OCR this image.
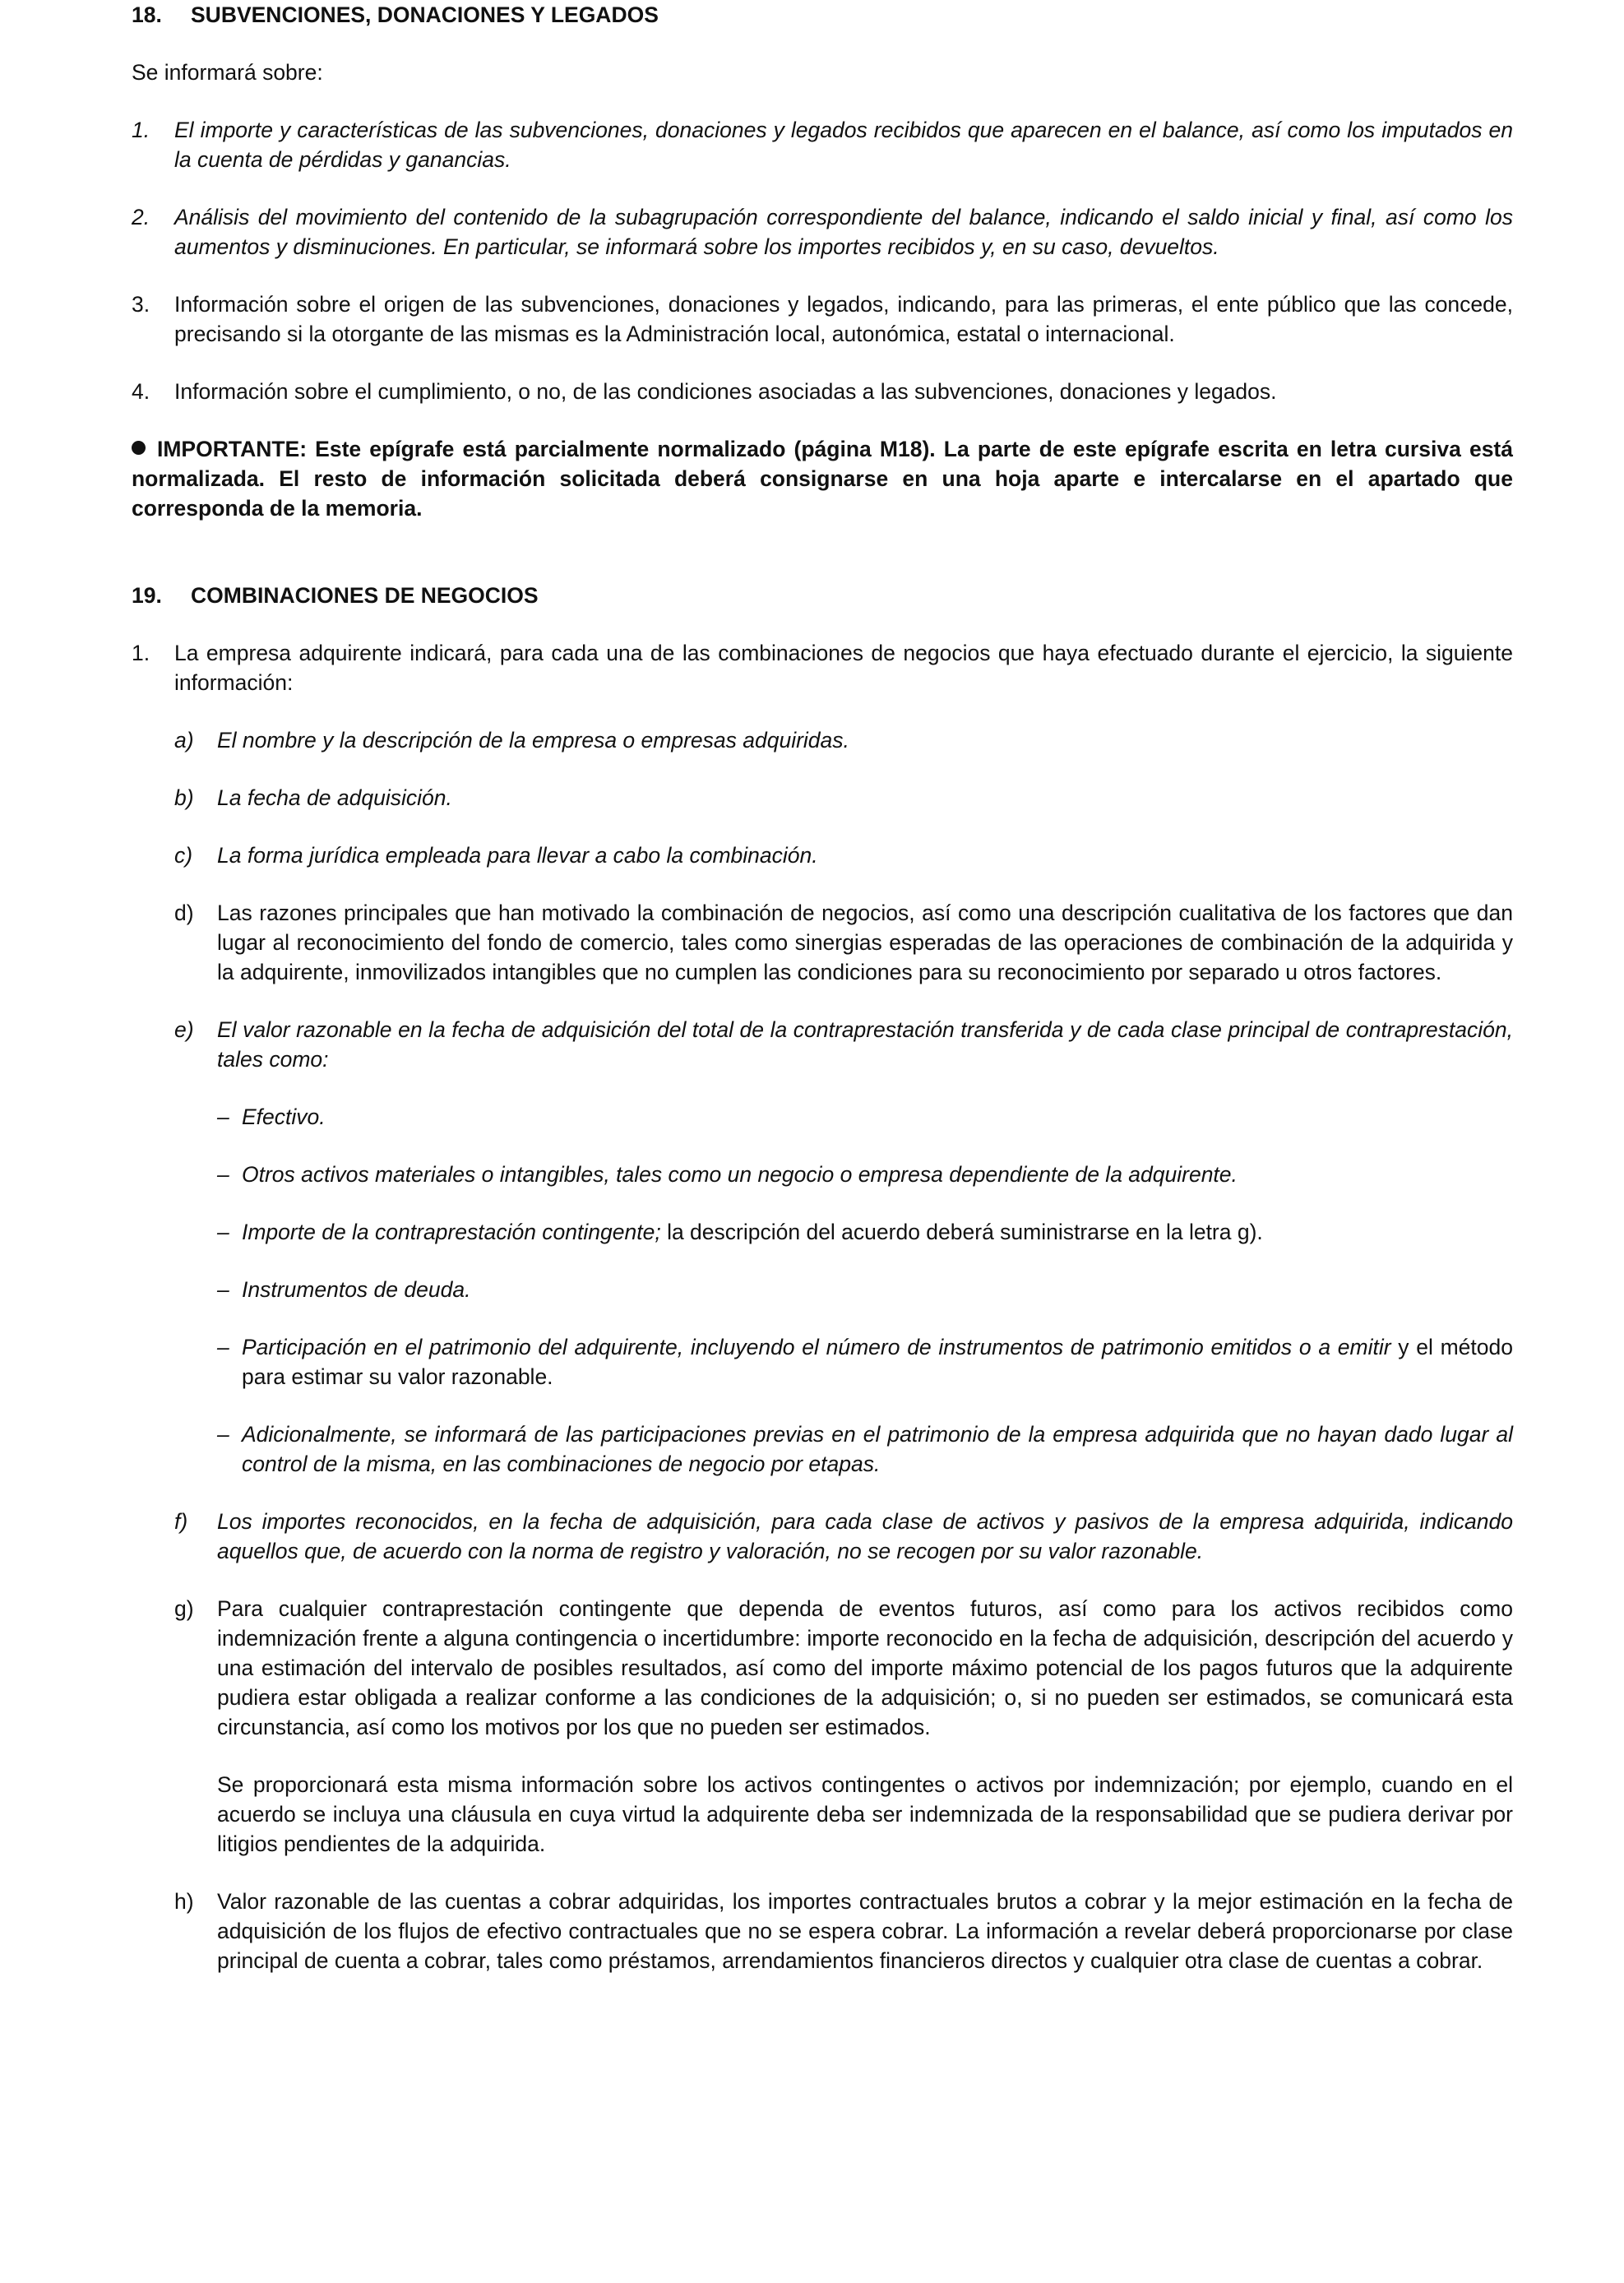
18. SUBVENCIONES, DONACIONES Y LEGADOS

Se informará sobre:

1.	El importe y características de las subvenciones, donaciones y legados recibidos que aparecen en el balance, así como los imputados en la cuenta de pérdidas y ganancias.
2.	Análisis del movimiento del contenido de la subagrupación correspondiente del balance, indicando el saldo inicial y final, así como los aumentos y disminuciones. En particular, se informará sobre los importes recibidos y, en su caso, devueltos.
3.	Información sobre el origen de las subvenciones, donaciones y legados, indicando, para las primeras, el ente público que las concede, precisando si la otorgante de las mismas es la Administración local, autonómica, estatal o internacional.
4.	Información sobre el cumplimiento, o no, de las condiciones asociadas a las subvenciones, donaciones y legados.
IMPORTANTE: Este epígrafe está parcialmente normalizado (página M18). La parte de este epígrafe escrita en letra cursiva está normalizada. El resto de información solicitada deberá consignarse en una hoja aparte e intercalarse en el apartado que corresponda de la memoria.
19. COMBINACIONES DE NEGOCIOS
1.	La empresa adquirente indicará, para cada una de las combinaciones de negocios que haya efectuado durante el ejercicio, la siguiente información:
a)	El nombre y la descripción de la empresa o empresas adquiridas.
b)	La fecha de adquisición.
c)	La forma jurídica empleada para llevar a cabo la combinación.
d)	Las razones principales que han motivado la combinación de negocios, así como una descripción cualitativa de los factores que dan lugar al reconocimiento del fondo de comercio, tales como sinergias esperadas de las operaciones de combinación de la adquirida y la adquirente, inmovilizados intangibles que no cumplen las condiciones para su reconocimiento por separado u otros factores.
e)	El valor razonable en la fecha de adquisición del total de la contraprestación transferida y de cada clase principal de contraprestación, tales como:
– Efectivo.
– Otros activos materiales o intangibles, tales como un negocio o empresa dependiente de la adquirente.
– Importe de la contraprestación contingente; la descripción del acuerdo deberá suministrarse en la letra g).
– Instrumentos de deuda.
– Participación en el patrimonio del adquirente, incluyendo el número de instrumentos de patrimonio emitidos o a emitir y el método para estimar su valor razonable.
– Adicionalmente, se informará de las participaciones previas en el patrimonio de la empresa adquirida que no hayan dado lugar al control de la misma, en las combinaciones de negocio por etapas.
f)	Los importes reconocidos, en la fecha de adquisición, para cada clase de activos y pasivos de la empresa adquirida, indicando aquellos que, de acuerdo con la norma de registro y valoración, no se recogen por su valor razonable.
g)	Para cualquier contraprestación contingente que dependa de eventos futuros, así como para los activos recibidos como indemnización frente a alguna contingencia o incertidumbre: importe reconocido en la fecha de adquisición, descripción del acuerdo y una estimación del intervalo de posibles resultados, así como del importe máximo potencial de los pagos futuros que la adquirente pudiera estar obligada a realizar conforme a las condiciones de la adquisición; o, si no pueden ser estimados, se comunicará esta circunstancia, así como los motivos por los que no pueden ser estimados.
Se proporcionará esta misma información sobre los activos contingentes o activos por indemnización; por ejemplo, cuando en el acuerdo se incluya una cláusula en cuya virtud la adquirente deba ser indemnizada de la responsabilidad que se pudiera derivar por litigios pendientes de la adquirida.
h)	Valor razonable de las cuentas a cobrar adquiridas, los importes contractuales brutos a cobrar y la mejor estimación en la fecha de adquisición de los flujos de efectivo contractuales que no se espera cobrar. La información a revelar deberá proporcionarse por clase principal de cuenta a cobrar, tales como préstamos, arrendamientos financieros directos y cualquier otra clase de cuentas a cobrar.
